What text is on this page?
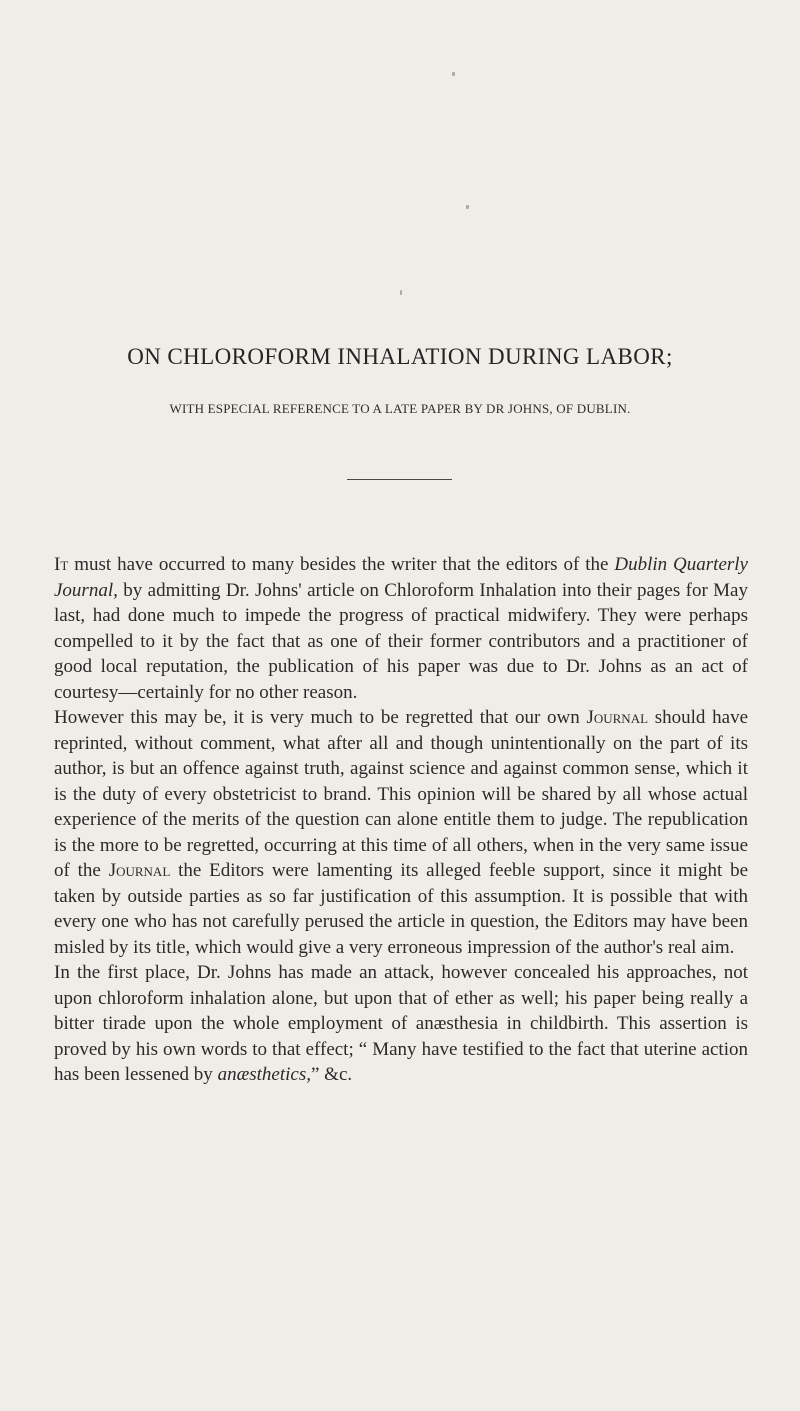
ON CHLOROFORM INHALATION DURING LABOR;
WITH ESPECIAL REFERENCE TO A LATE PAPER BY DR JOHNS, OF DUBLIN.

It must have occurred to many besides the writer that the editors of the Dublin Quarterly Journal, by admitting Dr. Johns' article on Chloroform Inhalation into their pages for May last, had done much to impede the progress of practical midwifery. They were perhaps compelled to it by the fact that as one of their former contributors and a practitioner of good local reputation, the publication of his paper was due to Dr. Johns as an act of courtesy—certainly for no other reason.

However this may be, it is very much to be regretted that our own Journal should have reprinted, without comment, what after all and though unintentionally on the part of its author, is but an offence against truth, against science and against common sense, which it is the duty of every obstetricist to brand. This opinion will be shared by all whose actual experience of the merits of the question can alone entitle them to judge. The republication is the more to be regretted, occurring at this time of all others, when in the very same issue of the Journal the Editors were lamenting its alleged feeble support, since it might be taken by outside parties as so far justification of this assumption. It is possible that with every one who has not carefully perused the article in question, the Editors may have been misled by its title, which would give a very erroneous impression of the author's real aim.

In the first place, Dr. Johns has made an attack, however concealed his approaches, not upon chloroform inhalation alone, but upon that of ether as well; his paper being really a bitter tirade upon the whole employment of anæsthesia in childbirth. This assertion is proved by his own words to that effect; “ Many have testified to the fact that uterine action has been lessened by anæsthetics,” &c.
